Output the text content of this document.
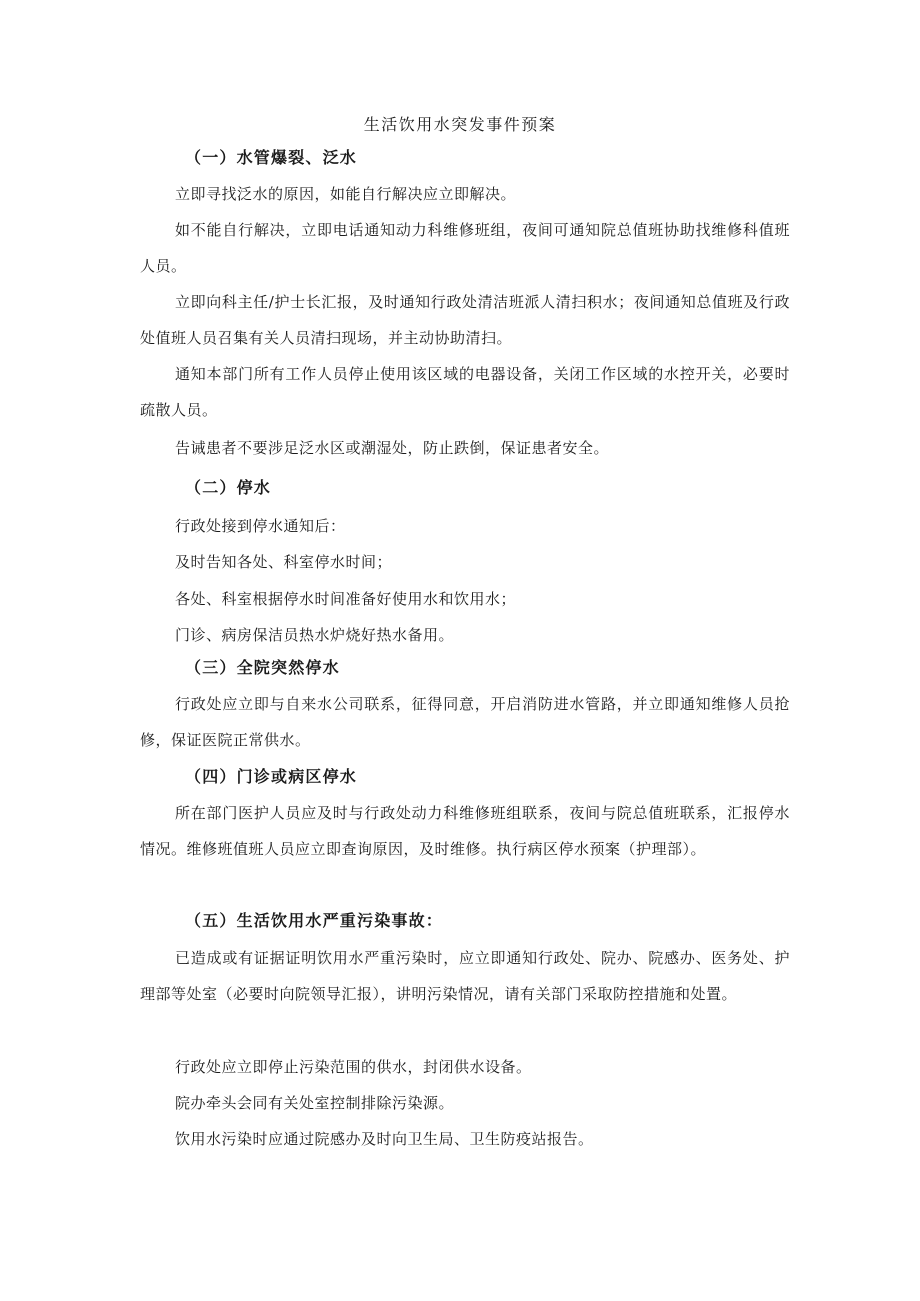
生活饮用水突发事件预案
（一）水管爆裂、泛水
立即寻找泛水的原因，如能自行解决应立即解决。
如不能自行解决，立即电话通知动力科维修班组，夜间可通知院总值班协助找维修科值班人员。
立即向科主任/护士长汇报，及时通知行政处清洁班派人清扫积水；夜间通知总值班及行政处值班人员召集有关人员清扫现场，并主动协助清扫。
通知本部门所有工作人员停止使用该区域的电器设备，关闭工作区域的水控开关，必要时疏散人员。
告诫患者不要涉足泛水区或潮湿处，防止跌倒，保证患者安全。
（二）停水
行政处接到停水通知后：
及时告知各处、科室停水时间；
各处、科室根据停水时间准备好使用水和饮用水；
门诊、病房保洁员热水炉烧好热水备用。
（三）全院突然停水
行政处应立即与自来水公司联系，征得同意，开启消防进水管路，并立即通知维修人员抢修，保证医院正常供水。
（四）门诊或病区停水
所在部门医护人员应及时与行政处动力科维修班组联系，夜间与院总值班联系，汇报停水情况。维修班值班人员应立即查询原因，及时维修。执行病区停水预案（护理部）。
（五）生活饮用水严重污染事故：
已造成或有证据证明饮用水严重污染时，应立即通知行政处、院办、院感办、医务处、护理部等处室（必要时向院领导汇报），讲明污染情况，请有关部门采取防控措施和处置。
行政处应立即停止污染范围的供水，封闭供水设备。
院办牵头会同有关处室控制排除污染源。
饮用水污染时应通过院感办及时向卫生局、卫生防疫站报告。
